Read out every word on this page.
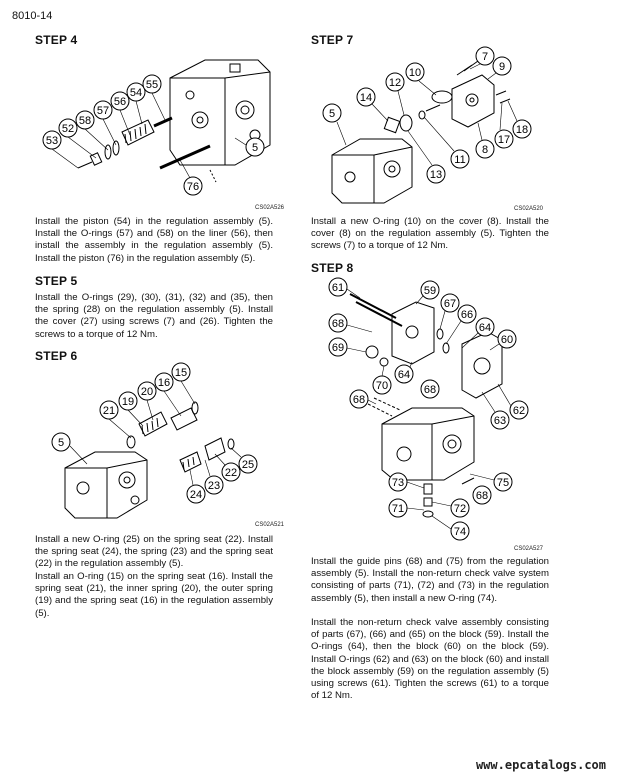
8010-14
STEP 4
53
52
58
57
56
54
55
5
76
CS02A526

Install the piston (54) in the regulation assembly (5). Install the O-rings (57) and (58) on the liner (56), then install the assembly in the regulation assembly (5). Install the piston (76) in the regulation assembly (5).

STEP 5

Install the O-rings (29), (30), (31), (32) and (35), then the spring (28) on the regulation assembly (5). Install the cover (27) using screws (7) and (26). Tighten the screws to a torque of 12 Nm.

STEP 6
21
19
20
16
15
5
22
25
24
23
CS02A521

Install a new O-ring (25) on the spring seat (22). Install the spring seat (24), the spring (23) and the spring seat (22) in the regulation assembly (5).

Install an O-ring (15) on the spring seat (16). Install the spring seat (21), the inner spring (20), the outer spring (19) and the spring seat (16) in the regulation assembly (5).

STEP 7
7
9
10
12
14
5
11
13
8
17
18
CS02A520

Install a new O-ring (10) on the cover (8). Install the cover (8) on the regulation assembly (5). Tighten the screws (7) to a torque of 12 Nm.

STEP 8
61	59
67
68
66
64
60
69
70
64
68
68
62
63
73	75
72
68
71
74
CS02A527

Install the guide pins (68) and (75) from the regulation assembly (5). Install the non-return check valve system consisting of parts (71), (72) and (73) in the regulation assembly (5), then install a new O-ring (74).

Install the non-return check valve assembly consisting of parts (67), (66) and (65) on the block (59). Install the O-rings (64), then the block (60) on the block (59). Install O-rings (62) and (63) on the block (60) and install the block assembly (59) on the regulation assembly (5) using screws (61). Tighten the screws (61) to a torque of 12 Nm.

www.epcatalogs.com
